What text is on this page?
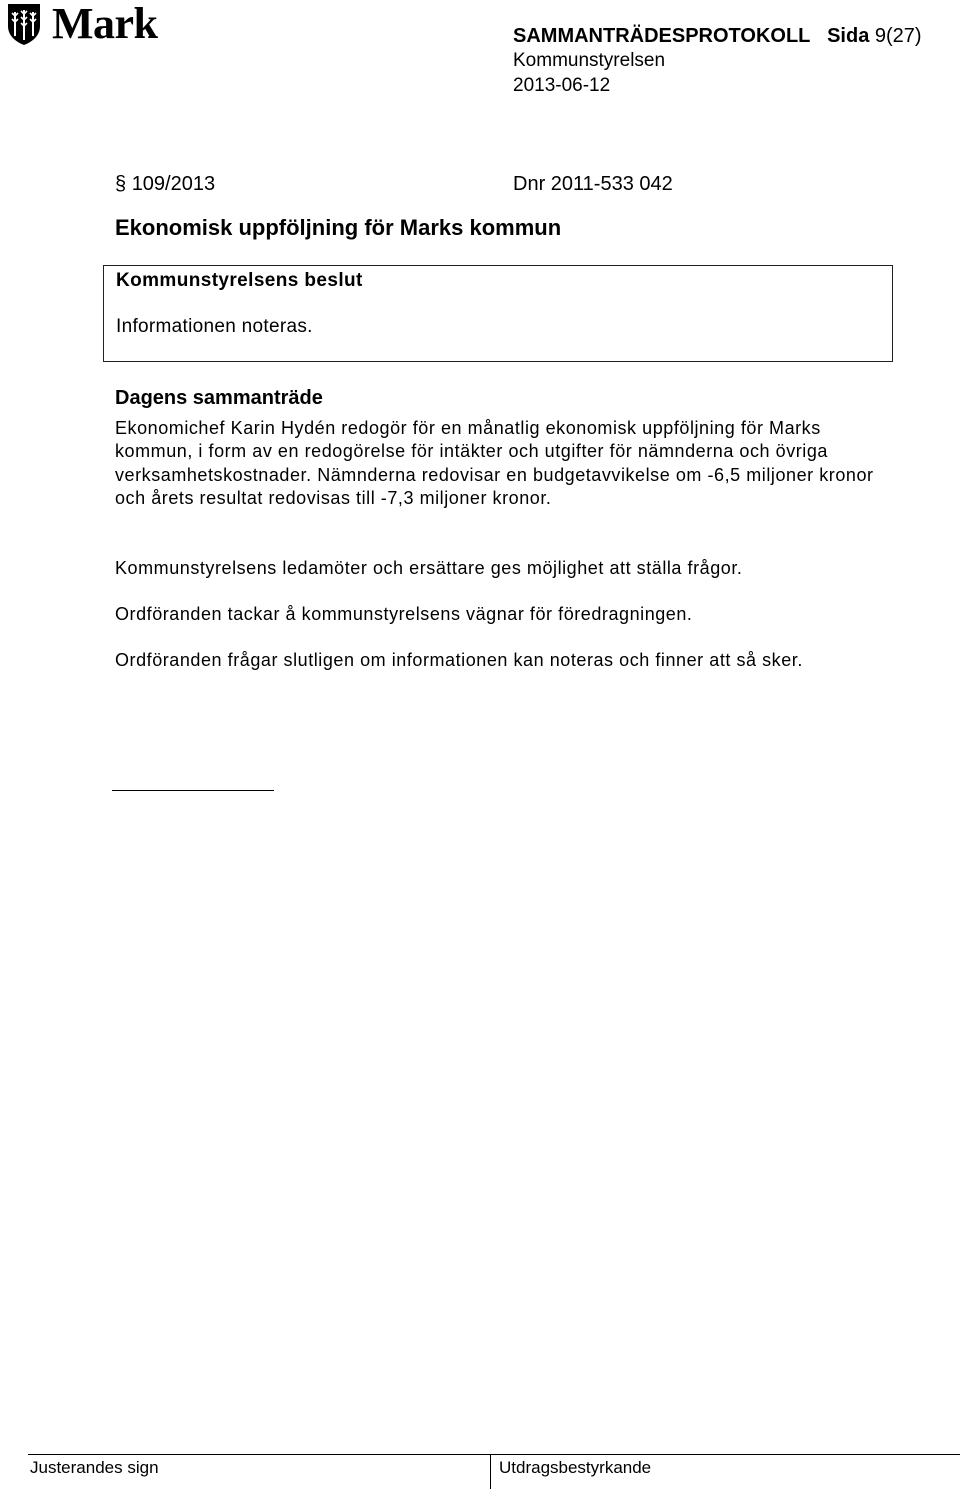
Mark	SAMMANTRÄDESPROTOKOLL Sida 9(27)
Kommunstyrelsen
2013-06-12
§ 109/2013	Dnr 2011-533 042
Ekonomisk uppföljning för Marks kommun
Kommunstyrelsens beslut
Informationen noteras.
Dagens sammanträde
Ekonomichef Karin Hydén redogör för en månatlig ekonomisk uppföljning för Marks kommun, i form av en redogörelse för intäkter och utgifter för nämnderna och övriga verksamhetskostnader. Nämnderna redovisar en budgetavvikelse om -6,5 miljoner kronor och årets resultat redovisas till -7,3 miljoner kronor.
Kommunstyrelsens ledamöter och ersättare ges möjlighet att ställa frågor.
Ordföranden tackar å kommunstyrelsens vägnar för föredragningen.
Ordföranden frågar slutligen om informationen kan noteras och finner att så sker.
Justerandes sign	Utdragsbestyrkande
